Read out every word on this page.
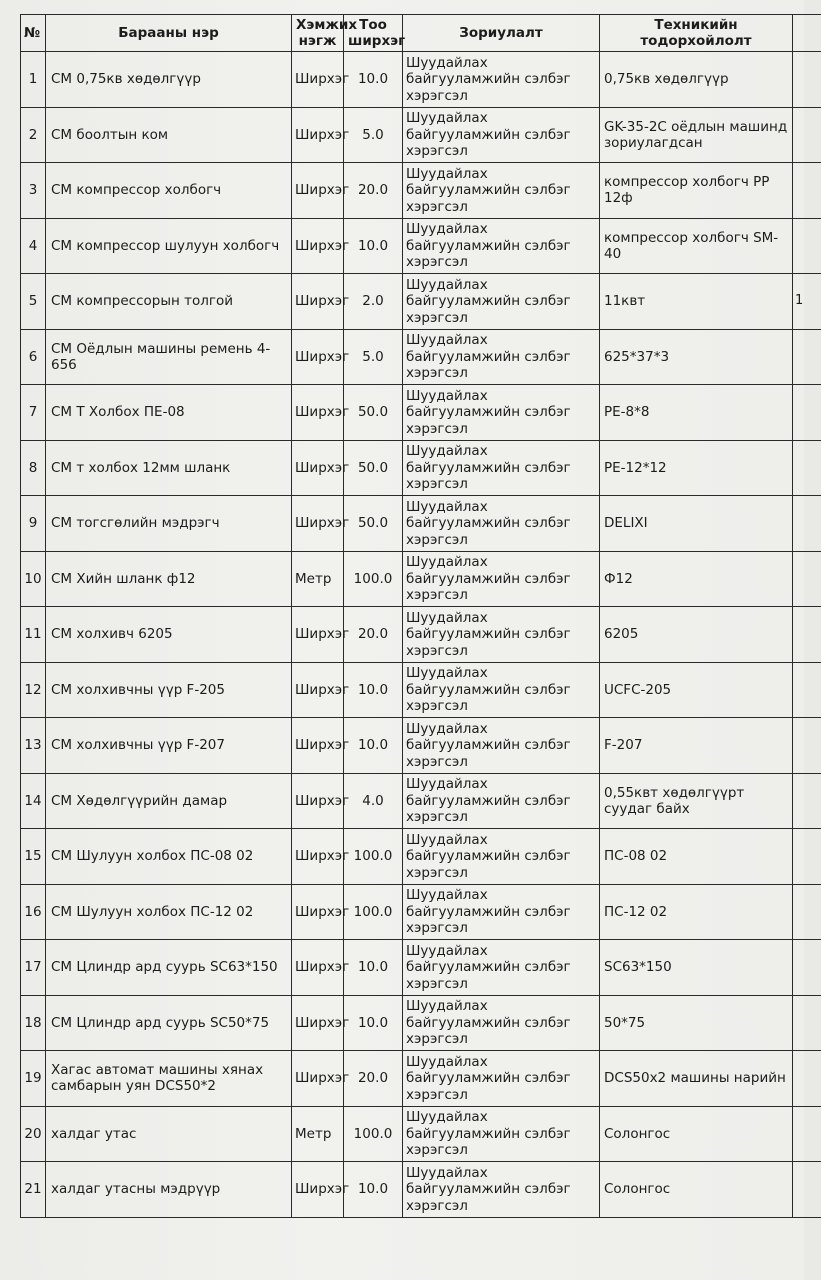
№	Барааны нэр	Хэмжих нэгж	Тоо ширхэг	Зориулалт	Техникийн тодорхойлолт	
1	СМ 0,75кв хөдөлгүүр	Ширхэг	10.0	Шуудайлах байгууламжийн сэлбэг хэрэгсэл	0,75кв хөдөлгүүр	
2	СМ боолтын ком	Ширхэг	5.0	Шуудайлах байгууламжийн сэлбэг хэрэгсэл	GK-35-2C оёдлын машинд зориулагдсан	
3	СМ компрессор холбогч	Ширхэг	20.0	Шуудайлах байгууламжийн сэлбэг хэрэгсэл	компрессор холбогч PP 12ф	
4	СМ компрессор шулуун холбогч	Ширхэг	10.0	Шуудайлах байгууламжийн сэлбэг хэрэгсэл	компрессор холбогч SM-40	
5	СМ компрессорын толгой	Ширхэг	2.0	Шуудайлах байгууламжийн сэлбэг хэрэгсэл	11квт	1
6	СМ Оёдлын машины ремень 4-656	Ширхэг	5.0	Шуудайлах байгууламжийн сэлбэг хэрэгсэл	625*37*3	
7	СМ Т Холбох ПЕ-08	Ширхэг	50.0	Шуудайлах байгууламжийн сэлбэг хэрэгсэл	PE-8*8	
8	СМ т холбох 12мм шланк	Ширхэг	50.0	Шуудайлах байгууламжийн сэлбэг хэрэгсэл	PE-12*12	
9	СМ тогсгөлийн мэдрэгч	Ширхэг	50.0	Шуудайлах байгууламжийн сэлбэг хэрэгсэл	DELIXI	
10	СМ Хийн шланк ф12	Метр	100.0	Шуудайлах байгууламжийн сэлбэг хэрэгсэл	Ф12	
11	СМ холхивч 6205	Ширхэг	20.0	Шуудайлах байгууламжийн сэлбэг хэрэгсэл	6205	
12	СМ холхивчны үүр F-205	Ширхэг	10.0	Шуудайлах байгууламжийн сэлбэг хэрэгсэл	UCFC-205	
13	СМ холхивчны үүр F-207	Ширхэг	10.0	Шуудайлах байгууламжийн сэлбэг хэрэгсэл	F-207	
14	СМ Хөдөлгүүрийн дамар	Ширхэг	4.0	Шуудайлах байгууламжийн сэлбэг хэрэгсэл	0,55квт хөдөлгүүрт суудаг байх	
15	СМ Шулуун холбох ПС-08 02	Ширхэг	100.0	Шуудайлах байгууламжийн сэлбэг хэрэгсэл	ПС-08 02	
16	СМ Шулуун холбох ПС-12 02	Ширхэг	100.0	Шуудайлах байгууламжийн сэлбэг хэрэгсэл	ПС-12 02	
17	СМ Цлиндр ард суурь SC63*150	Ширхэг	10.0	Шуудайлах байгууламжийн сэлбэг хэрэгсэл	SC63*150	
18	СМ Цлиндр ард суурь SC50*75	Ширхэг	10.0	Шуудайлах байгууламжийн сэлбэг хэрэгсэл	50*75	
19	Хагас автомат машины хянах самбарын уян DCS50*2	Ширхэг	20.0	Шуудайлах байгууламжийн сэлбэг хэрэгсэл	DCS50x2 машины нарийн	
20	халдаг утас	Метр	100.0	Шуудайлах байгууламжийн сэлбэг хэрэгсэл	Солонгос	
21	халдаг утасны мэдрүүр	Ширхэг	10.0	Шуудайлах байгууламжийн сэлбэг хэрэгсэл	Солонгос	
